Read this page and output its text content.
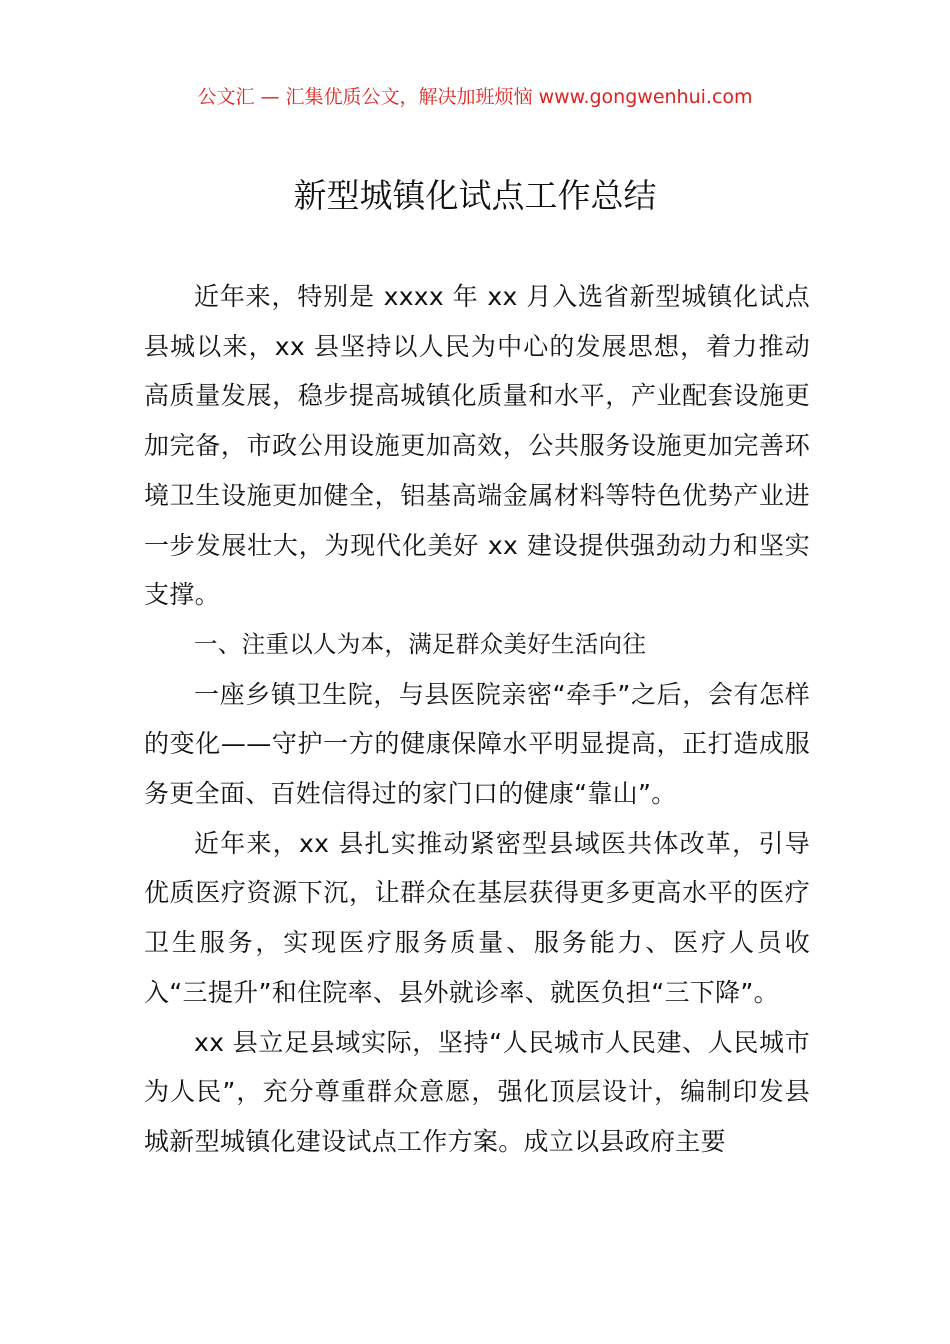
公文汇 — 汇集优质公文，解决加班烦恼 www.gongwenhui.com
新型城镇化试点工作总结

近年来，特别是 xxxx 年 xx 月入选省新型城镇化试点县城以来，xx 县坚持以人民为中心的发展思想，着力推动高质量发展，稳步提高城镇化质量和水平，产业配套设施更加完备，市政公用设施更加高效，公共服务设施更加完善环境卫生设施更加健全，铝基高端金属材料等特色优势产业进一步发展壮大，为现代化美好 xx 建设提供强劲动力和坚实支撑。

一、注重以人为本，满足群众美好生活向往

一座乡镇卫生院，与县医院亲密“牵手”之后，会有怎样的变化——守护一方的健康保障水平明显提高，正打造成服务更全面、百姓信得过的家门口的健康“靠山”。

近年来，xx 县扎实推动紧密型县域医共体改革，引导优质医疗资源下沉，让群众在基层获得更多更高水平的医疗卫生服务，实现医疗服务质量、服务能力、医疗人员收入“三提升”和住院率、县外就诊率、就医负担“三下降”。

xx 县立足县域实际，坚持“人民城市人民建、人民城市为人民”，充分尊重群众意愿，强化顶层设计，编制印发县城新型城镇化建设试点工作方案。成立以县政府主要
